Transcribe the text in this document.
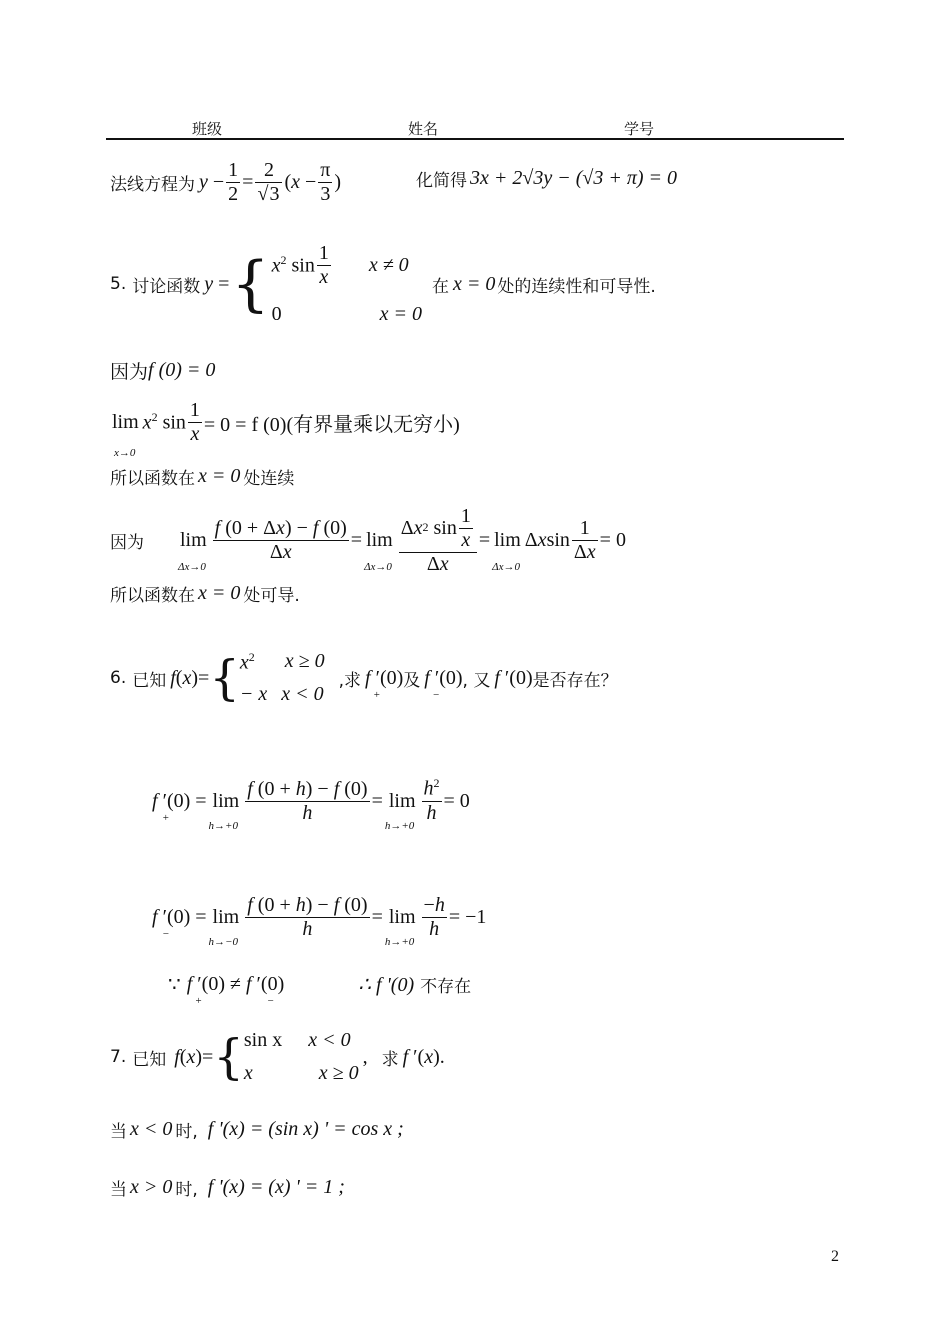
班级	姓名	学号
法线方程为 $y - \frac{1}{2} = \frac{2}{√3} (x - \frac{\pi}{3}$ )	化简得 3x + 2√3y − (√3 + π) = 0
5. 讨论函数 y = { $x^2$ $\sin \frac{1}{x}$ x ≠ 0
0	x = 0
在 x = 0 处的连续性和可导性.
因为 f (0) = 0
lim
x→0
$x^2$ $\sin \frac{1}{x} = 0 = f$ (0)(有界量乘以无穷小)
所以函数在 x = 0 处连续
因为 lim
Δx→0
$\frac{f (0 + \Delta x) - f (0)}{\Delta x} = \lim$
$\Delta x\to 0 \frac{\Delta x 2 \sin \frac{1}{x}}{\Delta x} = \lim$
Δx→0
Δxsin $\frac{1}{\Delta x} = 0$
所以函数在 x = 0 处可导.
6. 已知 f(x)= { $x^2$ x ≥ 0
− x x < 0
,求 f ′(0)
+
及 f ′(0)
−
, 又 f ′(0) 是否存在？
f ′(0) =
+
lim
h→+0
$\frac{f (0 + h) - f (0)}{h} = \lim$
h→+0
$\frac{h^2}{h} = 0$
f ′(0) =
−
lim
h→−0
$\frac{f (0 + h) - f (0)}{h} = \lim$
h→+0
$\frac{-h}{h} = -1$
∵ f ′(0) ≠ f ′(0)
+	−
∴ f '(0) 不存在
7. 已知 f(x)= { sin x x < 0
x	x ≥ 0
, 求 f ′(x).
当 x < 0 时, f '(x) = (sin x) ' = cos x ;
当 x > 0 时, f '(x) = (x) ' = 1 ;
2
